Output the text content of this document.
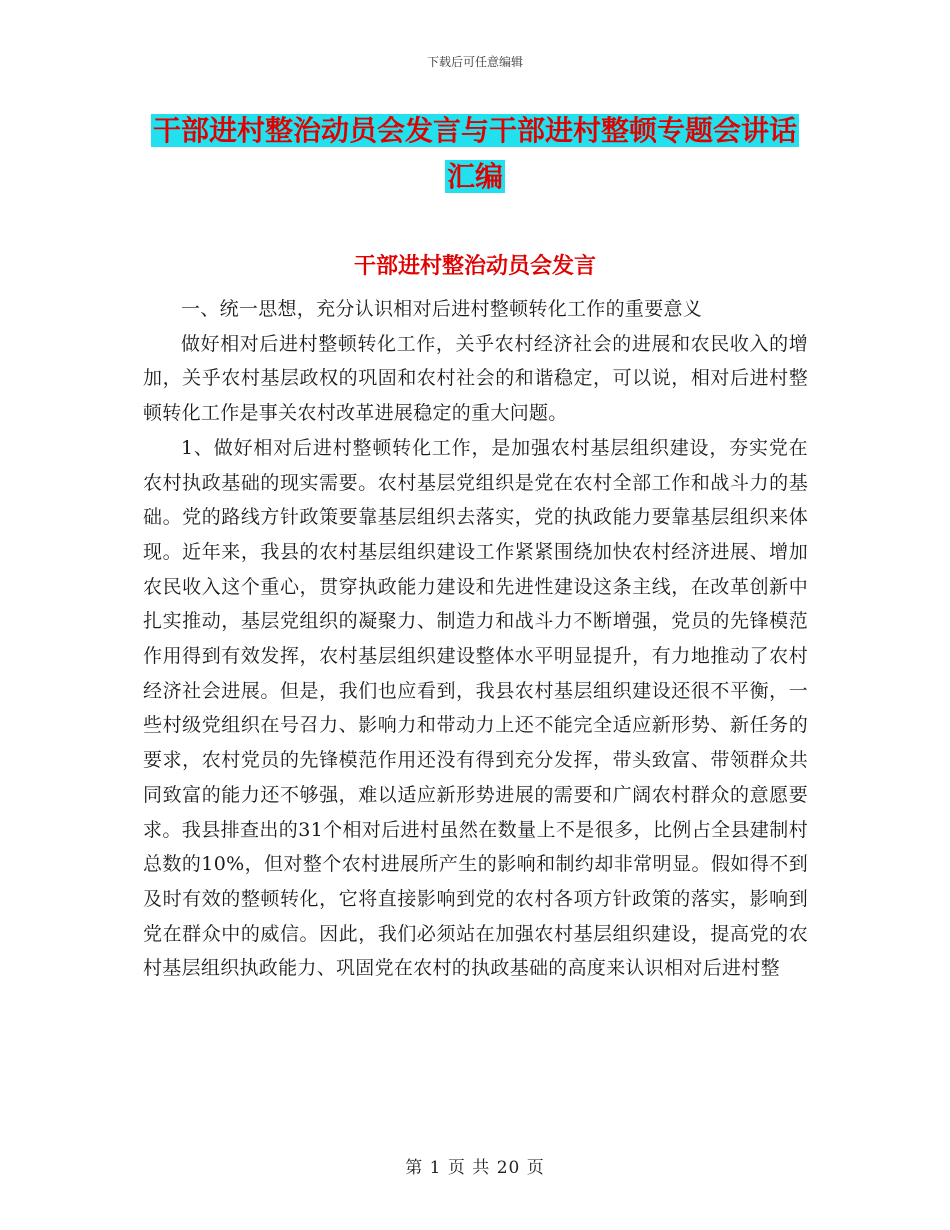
下载后可任意编辑
干部进村整治动员会发言与干部进村整顿专题会讲话
汇编
干部进村整治动员会发言

一、统一思想，充分认识相对后进村整顿转化工作的重要意义

做好相对后进村整顿转化工作，关乎农村经济社会的进展和农民收入的增加，关乎农村基层政权的巩固和农村社会的和谐稳定，可以说，相对后进村整顿转化工作是事关农村改革进展稳定的重大问题。

1、做好相对后进村整顿转化工作，是加强农村基层组织建设，夯实党在农村执政基础的现实需要。农村基层党组织是党在农村全部工作和战斗力的基础。党的路线方针政策要靠基层组织去落实，党的执政能力要靠基层组织来体现。近年来，我县的农村基层组织建设工作紧紧围绕加快农村经济进展、增加农民收入这个重心，贯穿执政能力建设和先进性建设这条主线，在改革创新中扎实推动，基层党组织的凝聚力、制造力和战斗力不断增强，党员的先锋模范作用得到有效发挥，农村基层组织建设整体水平明显提升，有力地推动了农村经济社会进展。但是，我们也应看到，我县农村基层组织建设还很不平衡，一些村级党组织在号召力、影响力和带动力上还不能完全适应新形势、新任务的要求，农村党员的先锋模范作用还没有得到充分发挥，带头致富、带领群众共同致富的能力还不够强，难以适应新形势进展的需要和广阔农村群众的意愿要求。我县排查出的31个相对后进村虽然在数量上不是很多，比例占全县建制村总数的10%，但对整个农村进展所产生的影响和制约却非常明显。假如得不到及时有效的整顿转化，它将直接影响到党的农村各项方针政策的落实，影响到党在群众中的威信。因此，我们必须站在加强农村基层组织建设，提高党的农村基层组织执政能力、巩固党在农村的执政基础的高度来认识相对后进村整

第 1 页 共 20 页
